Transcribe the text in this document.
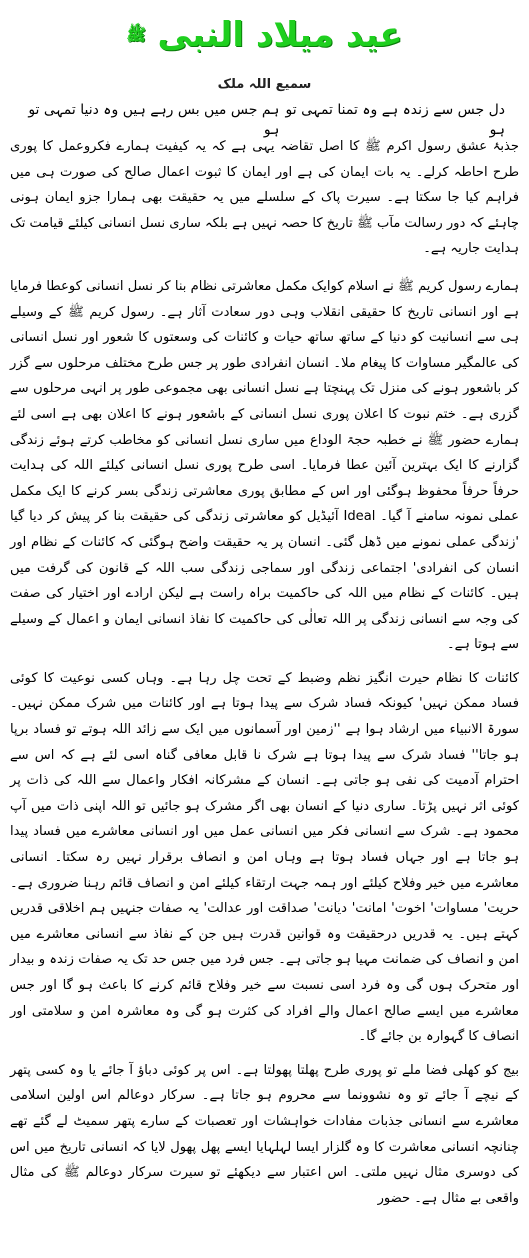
عید میلاد النبی $^ﷺ$
سمیع اللہ ملک
دل جس سے زندہ ہے وہ تمنا تمہی تو ہو
ہم جس میں بس رہے ہیں وہ دنیا تمہی تو ہو

جذبۂ عشق رسول اکرم ﷺ کا اصل تقاضہ یہی ہے کہ یہ کیفیت ہمارے فکروعمل کا پوری طرح احاطہ کرلے۔ یہ بات ایمان کی ہے اور ایمان کا ثبوت اعمال صالح کی صورت ہی میں فراہم کیا جا سکتا ہے۔ سیرت پاک کے سلسلے میں یہ حقیقت بھی ہمارا جزو ایمان ہونی چاہئے کہ دور رسالت مآب ﷺ تاریخ کا حصہ نہیں ہے بلکہ ساری نسل انسانی کیلئے قیامت تک ہدایت جاریہ ہے۔

ہمارے رسول کریم ﷺ نے اسلام کوایک مکمل معاشرتی نظام بنا کر نسل انسانی کوعطا فرمایا ہے اور انسانی تاریخ کا حقیقی انقلاب وہی دور سعادت آثار ہے۔ رسول کریم ﷺ کے وسیلے ہی سے انسانیت کو دنیا کے ساتھ ساتھ حیات و کائنات کی وسعتوں کا شعور اور نسل انسانی کی عالمگیر مساوات کا پیغام ملا۔ انسان انفرادی طور پر جس طرح مختلف مرحلوں سے گزر کر باشعور ہونے کی منزل تک پہنچتا ہے نسل انسانی بھی مجموعی طور پر انہی مرحلوں سے گزری ہے۔ ختم نبوت کا اعلان پوری نسل انسانی کے باشعور ہونے کا اعلان بھی ہے اسی لئے ہمارے حضور ﷺ نے خطبہ حجۃ الوداع میں ساری نسل انسانی کو مخاطب کرتے ہوئے زندگی گزارنے کا ایک بہترین آئین عطا فرمایا۔ اسی طرح پوری نسل انسانی کیلئے اللہ کی ہدایت حرفاً حرفاً محفوظ ہوگئی اور اس کے مطابق پوری معاشرتی زندگی بسر کرنے کا ایک مکمل عملی نمونہ سامنے آ گیا۔ Ideal آئیڈیل کو معاشرتی زندگی کی حقیقت بنا کر پیش کر دیا گیا 'زندگی عملی نمونے میں ڈھل گئی۔ انسان پر یہ حقیقت واضح ہوگئی کہ کائنات کے نظام اور انسان کی انفرادی' اجتماعی زندگی اور سماجی زندگی سب اللہ کے قانون کی گرفت میں ہیں۔ کائنات کے نظام میں اللہ کی حاکمیت براہ راست ہے لیکن ارادے اور اختیار کی صفت کی وجہ سے انسانی زندگی پر اللہ تعالٰی کی حاکمیت کا نفاذ انسانی ایمان و اعمال کے وسیلے سے ہوتا ہے۔

کائنات کا نظام حیرت انگیز نظم وضبط کے تحت چل رہا ہے۔ وہاں کسی نوعیت کا کوئی فساد ممکن نہیں' کیونکہ فساد شرک سے پیدا ہوتا ہے اور کائنات میں شرک ممکن نہیں۔ سورۃ الانبیاء میں ارشاد ہوا ہے ''زمین اور آسمانوں میں ایک سے زائد اللہ ہوتے تو فساد برپا ہو جاتا'' فساد شرک سے پیدا ہوتا ہے شرک نا قابل معافی گناہ اسی لئے ہے کہ اس سے احترام آدمیت کی نفی ہو جاتی ہے۔ انسان کے مشرکانہ افکار واعمال سے اللہ کی ذات پر کوئی اثر نہیں پڑتا۔ ساری دنیا کے انسان بھی اگر مشرک ہو جائیں تو اللہ اپنی ذات میں آپ محمود ہے۔ شرک سے انسانی فکر میں انسانی عمل میں اور انسانی معاشرے میں فساد پیدا ہو جاتا ہے اور جہاں فساد ہوتا ہے وہاں امن و انصاف برقرار نہیں رہ سکتا۔ انسانی معاشرے میں خیر وفلاح کیلئے اور ہمہ جہت ارتقاء کیلئے امن و انصاف قائم رہنا ضروری ہے۔ حریت' مساوات' اخوت' امانت' دیانت' صداقت اور عدالت' یہ صفات جنہیں ہم اخلاقی قدریں کہتے ہیں۔ یہ قدریں درحقیقت وہ قوانین قدرت ہیں جن کے نفاذ سے انسانی معاشرے میں امن و انصاف کی ضمانت مہیا ہو جاتی ہے۔ جس فرد میں جس حد تک یہ صفات زندہ و بیدار اور متحرک ہوں گی وہ فرد اسی نسبت سے خیر وفلاح قائم کرنے کا باعث ہو گا اور جس معاشرے میں ایسے صالح اعمال والے افراد کی کثرت ہو گی وہ معاشرہ امن و سلامتی اور انصاف کا گہوارہ بن جائے گا۔

بیج کو کھلی فضا ملے تو پوری طرح پھلتا پھولتا ہے۔ اس پر کوئی دباؤ آ جائے یا وہ کسی پتھر کے نیچے آ جائے تو وہ نشوونما سے محروم ہو جاتا ہے۔ سرکار دوعالم اس اولین اسلامی معاشرے سے انسانی جذبات مفادات خواہشات اور تعصبات کے سارے پتھر سمیٹ لے گئے تھے چنانچہ انسانی معاشرت کا وہ گلزار ایسا لہلہایا ایسے پھل پھول لایا کہ انسانی تاریخ میں اس کی دوسری مثال نہیں ملتی۔ اس اعتبار سے دیکھئے تو سیرت سرکار دوعالم ﷺ کی مثال واقعی بے مثال ہے۔ حضور
